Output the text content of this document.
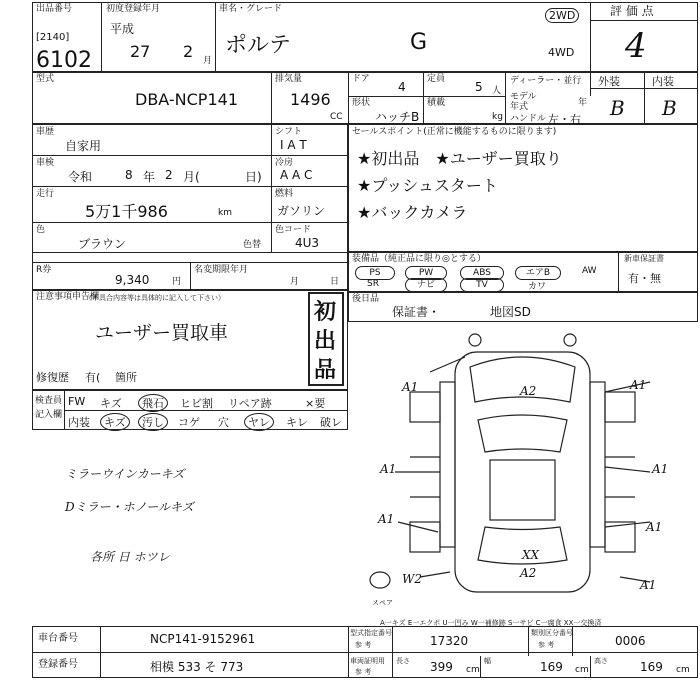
出品番号
[2140]
6102
初度登録年月
平成
27 2 月
車名・グレード
ポルテ	G
2WD
4WD
評 価 点
4
型式
DBA-NCP141
排気量
1496
CC
ドア
4
定員
5 人
形状
ハッチB
積載
kg
ディーラー・並行
モデル
年式	年
ハンドル 左・右
外装	内装
B B
車歴
自家用
車検
令和	8 年 2 月(	日)
走行
5万1千986	km
色
ブラウン	色替
R券
9,340	円
名変期限年月
月	日
シフト
I A T
冷房
A A C
燃料
ガソリン
色コード
4U3
セールスポイント(正常に機能するものに限ります)
★初出品　★ユーザー買取り
★プッシュスタート
★バックカメラ
装備品（純正品に限り◎とする）
PS	PW	ABS	エアB	AW
SR	ナビ	TV	カワ
新車保証書
有・無
後日品
保証書・	地図SD
注意事項申告欄
（不具合内容等は具体的に記入して下さい）
ユーザー買取車
初
出
品
修復歴 有( 箇所
検査員
記入欄
FW キズ	飛石	ヒビ割 リペア跡	×要
内装	キズ	汚し	コゲ 穴	ヤレ	キレ 破レ
ミラーウインカーキズ
Dミラー・ホノールキズ
各所 日 ホツレ
A1	A2	A1
A1	A1
A1
A1
XX
A2
W2	A1
スペア
A一キズ E一エクボ U一凹み W一補修跡 S一サビ C一腐食 XX一交換済
車台番号	NCP141-9152961
登録番号	相模 533 そ 773
型式指定番号
参 考	17320
類別区分番号
参 考	0006
車両証明用
参 考
長さ 399 cm
幅	169 cm
高さ	169 cm
